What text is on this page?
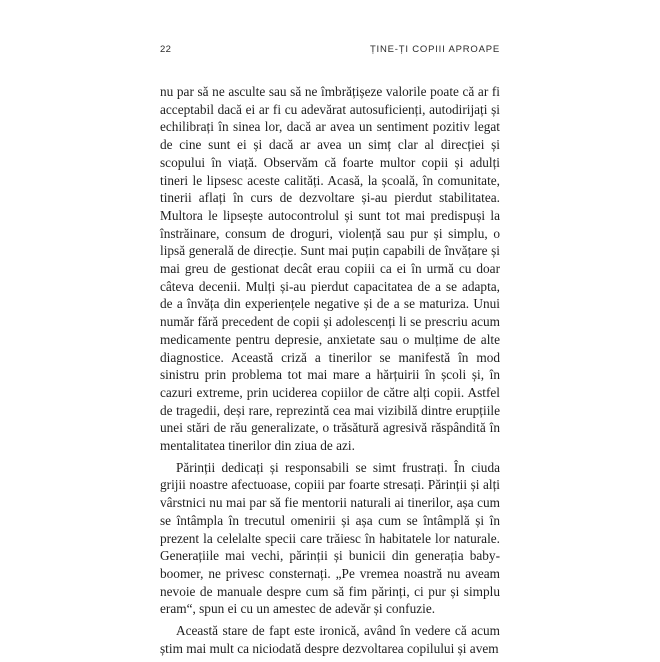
22	ȚINE-ȚI COPIII APROAPE

nu par să ne asculte sau să ne îmbrățișeze valorile poate că ar fi acceptabil dacă ei ar fi cu adevărat autosuficienți, autodirijați și echilibrați în sinea lor, dacă ar avea un sentiment pozitiv legat de cine sunt ei și dacă ar avea un simț clar al direcției și scopului în viață. Observăm că foarte multor copii și adulți tineri le lipsesc aceste calități. Acasă, la școală, în comunitate, tinerii aflați în curs de dezvoltare și-au pierdut stabilitatea. Multora le lipsește autocontrolul și sunt tot mai predispuși la înstrăinare, consum de droguri, violență sau pur și simplu, o lipsă generală de direcție. Sunt mai puțin capabili de învățare și mai greu de gestionat decât erau copiii ca ei în urmă cu doar câteva decenii. Mulți și-au pierdut capacitatea de a se adapta, de a învăța din experiențele negative și de a se maturiza. Unui număr fără precedent de copii și adolescenți li se prescriu acum medicamente pentru depresie, anxietate sau o mulțime de alte diagnostice. Această criză a tinerilor se manifestă în mod sinistru prin problema tot mai mare a hărțuirii în școli și, în cazuri extreme, prin uciderea copiilor de către alți copii. Astfel de tragedii, deși rare, reprezintă cea mai vizibilă dintre erupțiile unei stări de rău generalizate, o trăsătură agresivă răspândită în mentalitatea tinerilor din ziua de azi.

Părinții dedicați și responsabili se simt frustrați. În ciuda grijii noastre afectuoase, copiii par foarte stresați. Părinții și alți vârstnici nu mai par să fie mentorii naturali ai tinerilor, așa cum se întâmpla în trecutul omenirii și așa cum se întâmplă și în prezent la celelalte specii care trăiesc în habitatele lor naturale. Generațiile mai vechi, părinții și bunicii din generația baby-boomer, ne privesc consternați. „Pe vremea noastră nu aveam nevoie de manuale despre cum să fim părinți, ci pur și simplu eram“, spun ei cu un amestec de adevăr și confuzie.

Această stare de fapt este ironică, având în vedere că acum știm mai mult ca niciodată despre dezvoltarea copilului și avem
